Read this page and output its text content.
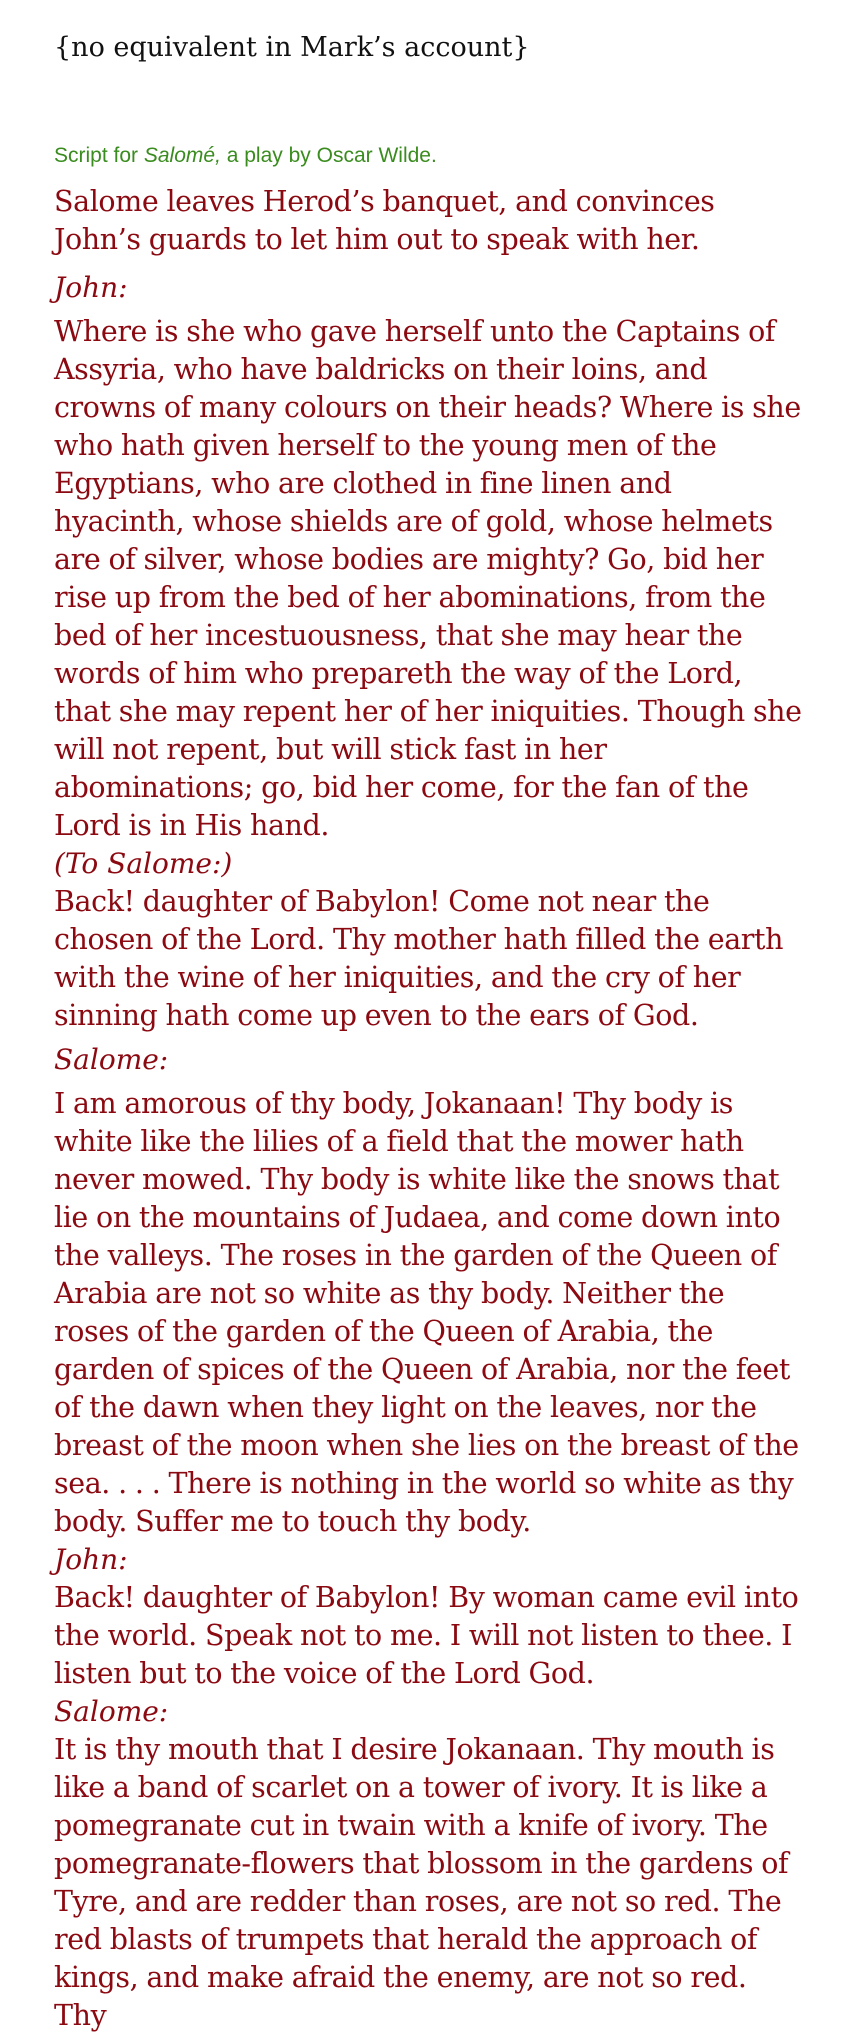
{no equivalent in Mark’s account}

Script for Salomé, a play by Oscar Wilde.

Salome leaves Herod’s banquet, and convinces John’s guards to let him out to speak with her.

John:

Where is she who gave herself unto the Captains of Assyria, who have baldricks on their loins, and crowns of many colours on their heads? Where is she who hath given herself to the young men of the Egyptians, who are clothed in fine linen and hyacinth, whose shields are of gold, whose helmets are of silver, whose bodies are mighty? Go, bid her rise up from the bed of her abominations, from the bed of her incestuousness, that she may hear the words of him who prepareth the way of the Lord, that she may repent her of her iniquities. Though she will not repent, but will stick fast in her abominations; go, bid her come, for the fan of the Lord is in His hand.

(To Salome:)

Back! daughter of Babylon! Come not near the chosen of the Lord. Thy mother hath filled the earth with the wine of her iniquities, and the cry of her sinning hath come up even to the ears of God.

Salome:

I am amorous of thy body, Jokanaan! Thy body is white like the lilies of a field that the mower hath never mowed. Thy body is white like the snows that lie on the mountains of Judaea, and come down into the valleys. The roses in the garden of the Queen of Arabia are not so white as thy body. Neither the roses of the garden of the Queen of Arabia, the garden of spices of the Queen of Arabia, nor the feet of the dawn when they light on the leaves, nor the breast of the moon when she lies on the breast of the sea. . . . There is nothing in the world so white as thy body. Suffer me to touch thy body.

John:

Back! daughter of Babylon! By woman came evil into the world. Speak not to me. I will not listen to thee. I listen but to the voice of the Lord God.

Salome:

It is thy mouth that I desire Jokanaan. Thy mouth is like a band of scarlet on a tower of ivory. It is like a pomegranate cut in twain with a knife of ivory. The pomegranate-flowers that blossom in the gardens of Tyre, and are redder than roses, are not so red. The red blasts of trumpets that herald the approach of kings, and make afraid the enemy, are not so red. Thy
